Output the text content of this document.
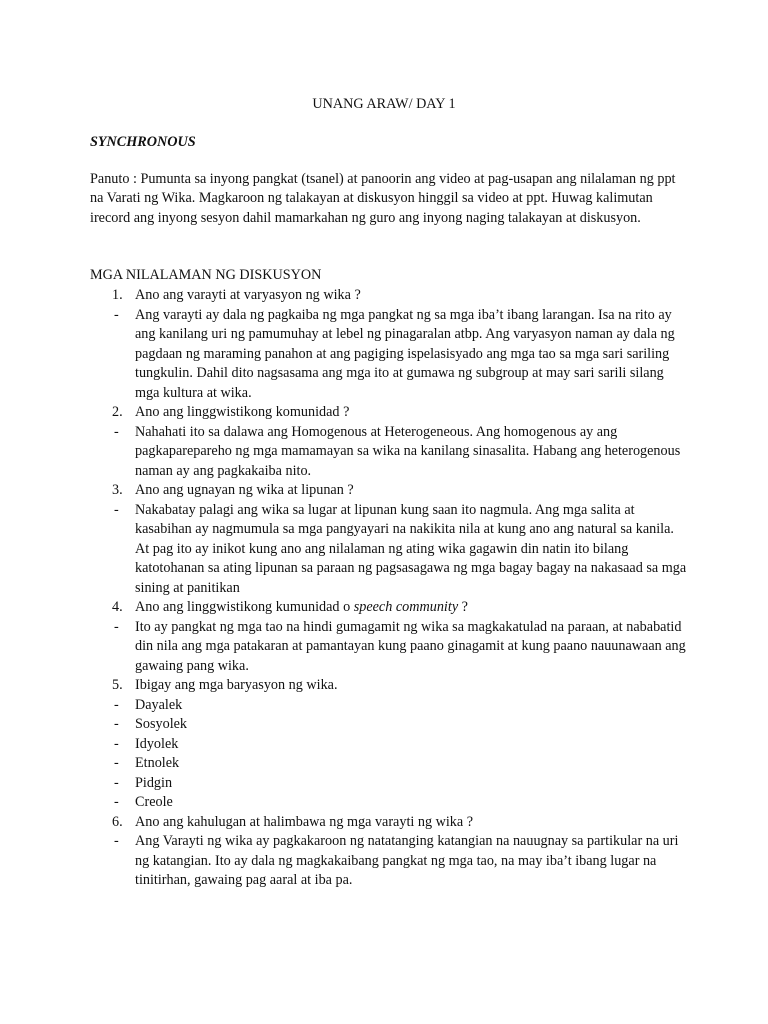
UNANG ARAW/ DAY 1
SYNCHRONOUS

Panuto : Pumunta sa inyong pangkat (tsanel) at panoorin ang video at pag-usapan ang nilalaman ng ppt na Varati ng Wika. Magkaroon ng talakayan at diskusyon hinggil sa video at ppt. Huwag kalimutan irecord ang inyong sesyon dahil mamarkahan ng guro ang inyong naging talakayan at diskusyon.

MGA NILALAMAN NG DISKUSYON
1. Ano ang varayti at varyasyon ng wika ?
- Ang varayti ay dala ng pagkaiba ng mga pangkat ng sa mga iba’t ibang larangan. Isa na rito ay ang kanilang uri ng pamumuhay at lebel ng pinagaralan atbp. Ang varyasyon naman ay dala ng pagdaan ng maraming panahon at ang pagiging ispelasisyado ang mga tao sa mga sari sariling tungkulin. Dahil dito nagsasama ang mga ito at gumawa ng subgroup at may sari sarili silang mga kultura at wika.
2. Ano ang linggwistikong komunidad ?
- Nahahati ito sa dalawa ang Homogenous at Heterogeneous. Ang homogenous ay ang pagkapareparehο ng mga mamamayan sa wika na kanilang sinasalita. Habang ang heterogenous naman ay ang pagkakaiba nito.
3. Ano ang ugnayan ng wika at lipunan ?
- Nakabatay palagi ang wika sa lugar at lipunan kung saan ito nagmula. Ang mga salita at kasabihan ay nagmumula sa mga pangyayari na nakikita nila at kung ano ang natural sa kanila. At pag ito ay inikot kung ano ang nilalaman ng ating wika gagawin din natin ito bilang katotohanan sa ating lipunan sa paraan ng pagsasagawa ng mga bagay bagay na nakasaad sa mga sining at panitikan
4. Ano ang linggwistikong kumunidad o speech community ?
- Ito ay pangkat ng mga tao na hindi gumagamit ng wika sa magkakatulad na paraan, at nababatid din nila ang mga patakaran at pamantayan kung paano ginagamit at kung paano nauunawaan ang gawaing pang wika.
5. Ibigay ang mga baryasyon ng wika.
- Dayalek
- Sosyolek
- Idyolek
- Etnolek
- Pidgin
- Creole
6. Ano ang kahulugan at halimbawa ng mga varayti ng wika ?
- Ang Varayti ng wika ay pagkakaroon ng natatanging katangian na nauugnay sa partikular na uri ng katangian. Ito ay dala ng magkakaibang pangkat ng mga tao, na may iba’t ibang lugar na tinitirhan, gawaing pag aaral at iba pa.
